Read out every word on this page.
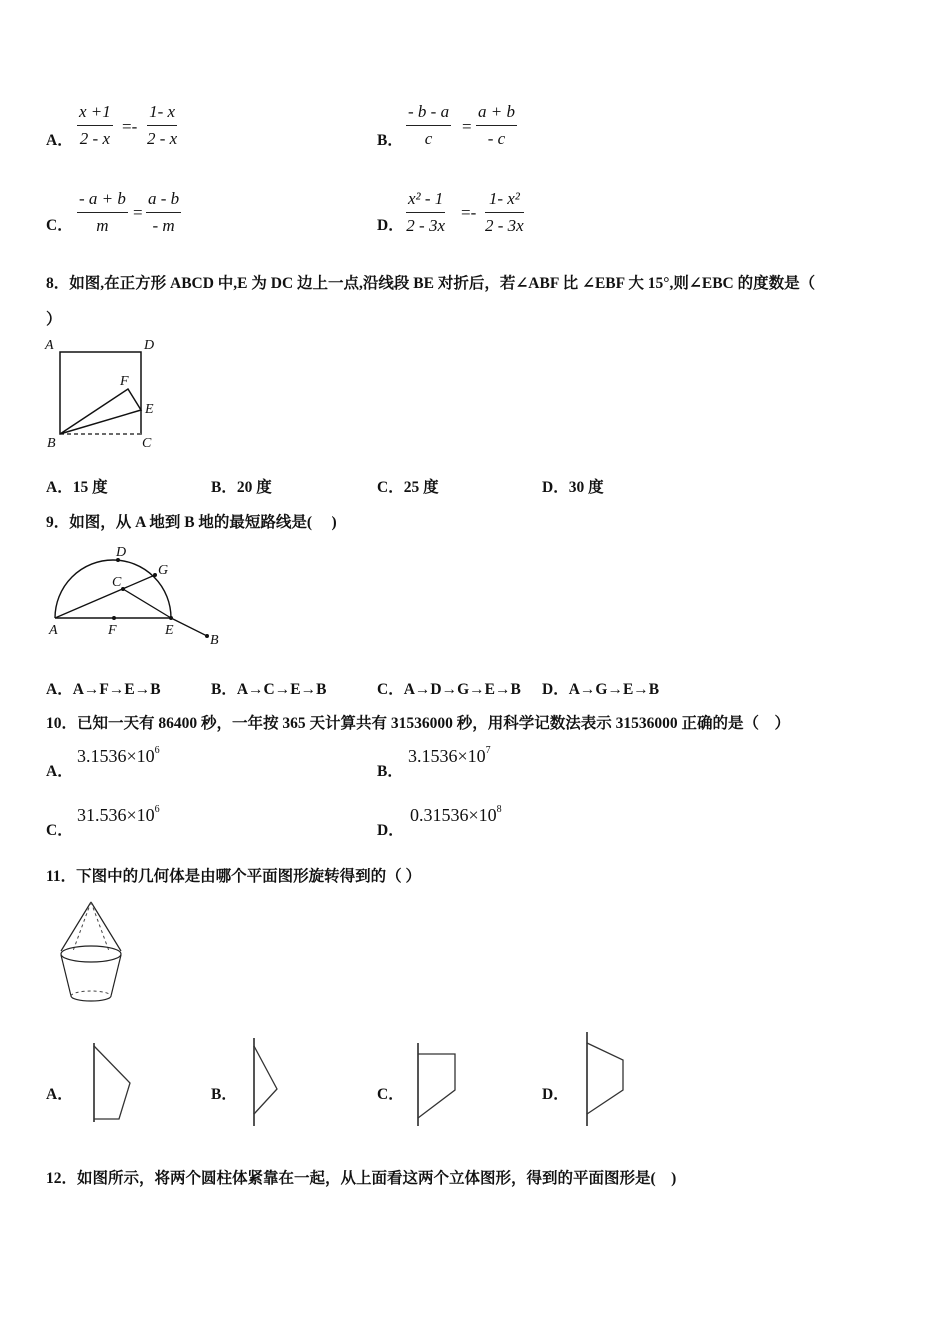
A． $\frac{x +1}{2 - x} =- \frac{1- x}{2 - x}$	B． $\frac{- b - a}{c} = \frac{a + b}{- c}$
C． $\frac{- a + b}{m} = \frac{a - b}{- m}$	D． $\frac{\text{x² - 1}}{2 - 3x} =- \frac{\text{1- x²}}{2 - 3x}$
8．如图,在正方形 ABCD 中,E 为 DC 边上一点,沿线段 BE 对折后，若∠ABF 比 ∠EBF 大 15°,则∠EBC 的度数是（
）
A	D
F
E
B	C
A．15 度	B．20 度	C．25 度	D．30 度
9．如图，从 A 地到 B 地的最短路线是(　 )
D
C
G
A	F	E
B
A．A→F→E→B	B．A→C→E→B	C．A→D→G→E→B D．A→G→E→B
10．已知一天有 86400 秒，一年按 365 天计算共有 31536000 秒，用科学记数法表示 31536000 正确的是（　）
A．
$3.1536\times 10^6$
B．
$3.1536\times 10^7$
C．
$31.536\times 10^6$
D．
$0.31536\times 10^8$
11．下图中的几何体是由哪个平面图形旋转得到的（ ）
A．	B．	C．	D．
12．如图所示，将两个圆柱体紧靠在一起，从上面看这两个立体图形，得到的平面图形是(　)
